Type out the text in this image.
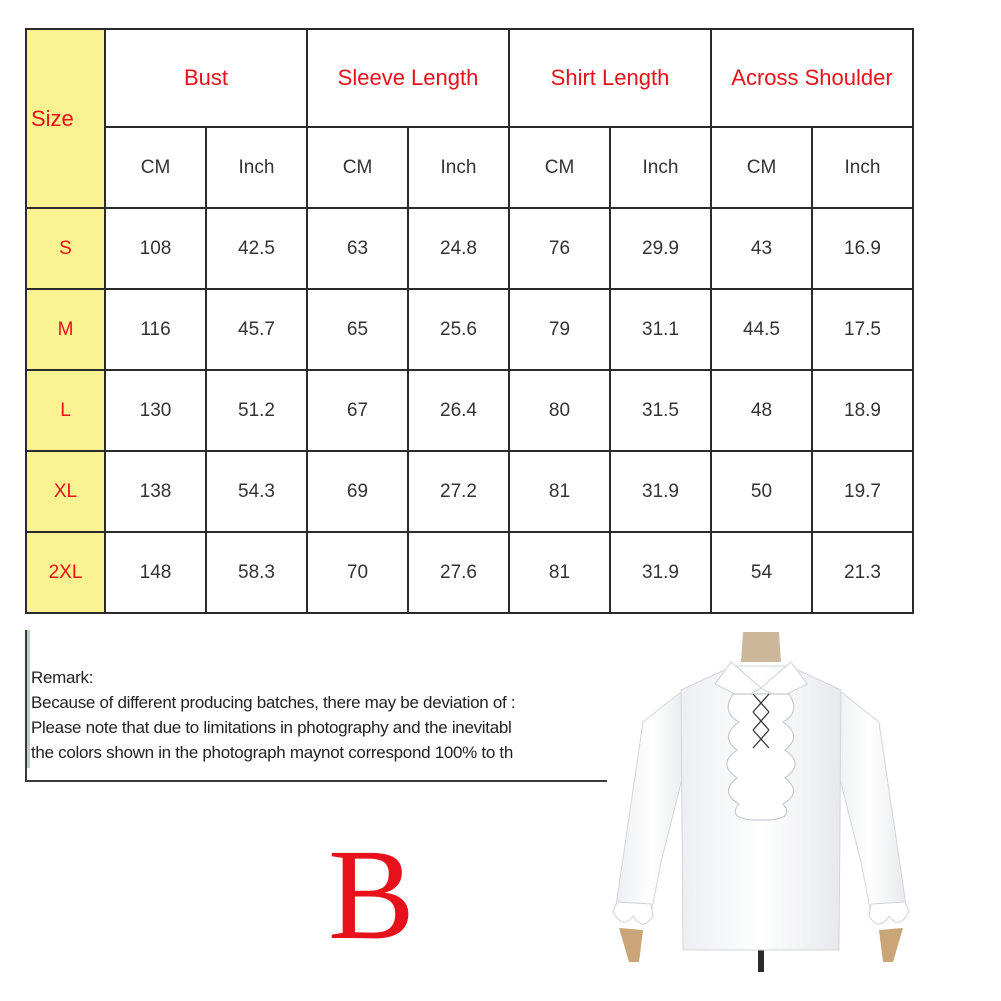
Size	Bust		Sleeve Length		Shirt Length		Across Shoulder	
	CM	Inch	CM	Inch	CM	Inch	CM	Inch
S	108	42.5	63	24.8	76	29.9	43	16.9
M	116	45.7	65	25.6	79	31.1	44.5	17.5
L	130	51.2	67	26.4	80	31.5	48	18.9
XL	138	54.3	69	27.2	81	31.9	50	19.7
2XL	148	58.3	70	27.6	81	31.9	54	21.3
Remark:
Because of different producing batches, there may be deviation of :
Please note that due to limitations in photography and the inevitabl
the colors shown in the photograph maynot correspond 100% to th
B
